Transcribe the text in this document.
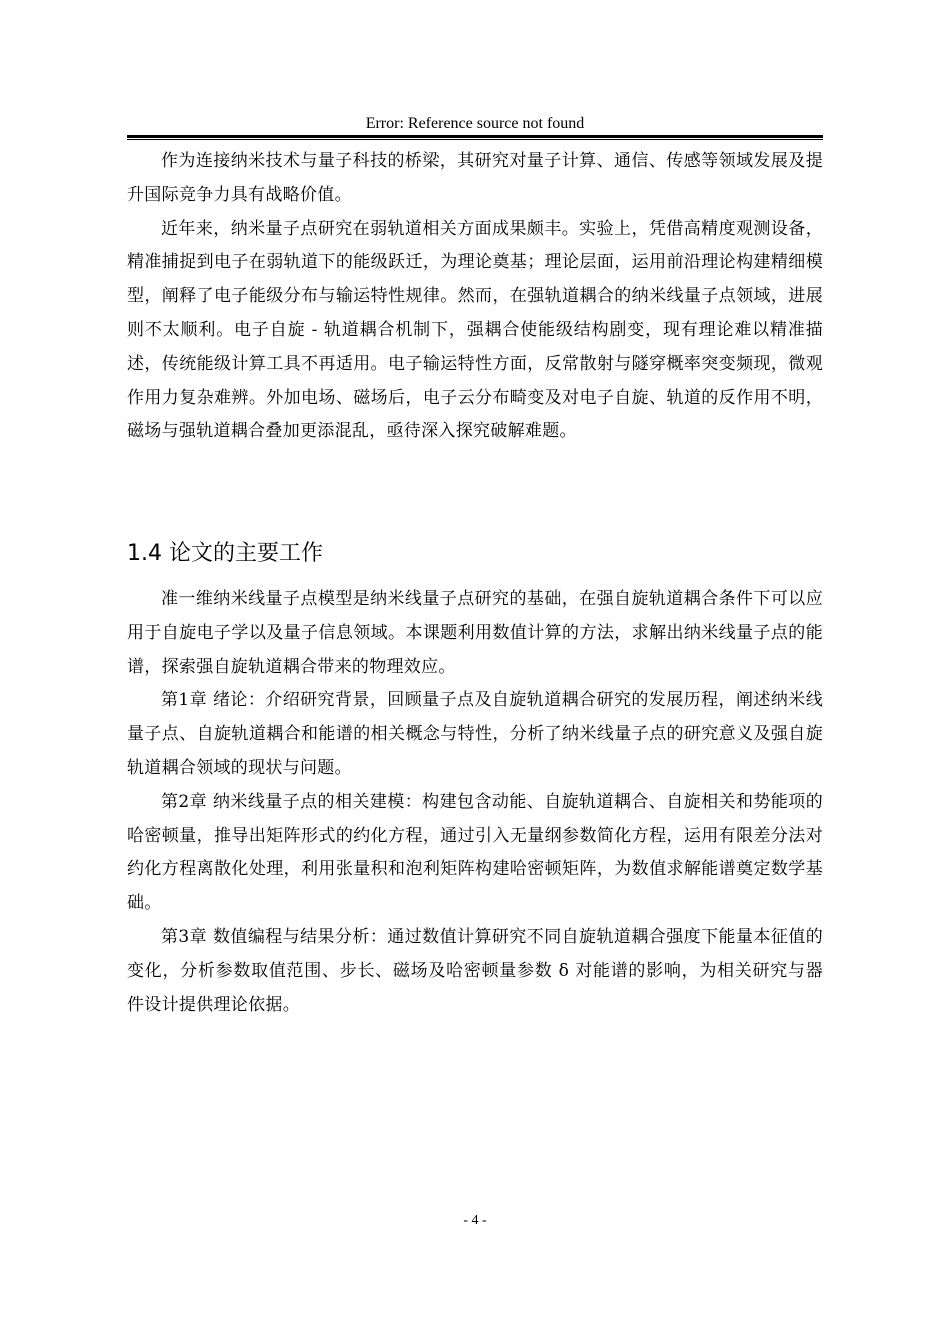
Error: Reference source not found

作为连接纳米技术与量子科技的桥梁，其研究对量子计算、通信、传感等领域发展及提升国际竞争力具有战略价值。

近年来，纳米量子点研究在弱轨道相关方面成果颇丰。实验上，凭借高精度观测设备，精准捕捉到电子在弱轨道下的能级跃迁，为理论奠基；理论层面，运用前沿理论构建精细模型，阐释了电子能级分布与输运特性规律。然而，在强轨道耦合的纳米线量子点领域，进展则不太顺利。电子自旋 - 轨道耦合机制下，强耦合使能级结构剧变，现有理论难以精准描述，传统能级计算工具不再适用。电子输运特性方面，反常散射与隧穿概率突变频现，微观作用力复杂难辨。外加电场、磁场后，电子云分布畸变及对电子自旋、轨道的反作用不明，磁场与强轨道耦合叠加更添混乱，亟待深入探究破解难题。

1.4 论文的主要工作

准一维纳米线量子点模型是纳米线量子点研究的基础，在强自旋轨道耦合条件下可以应用于自旋电子学以及量子信息领域。本课题利用数值计算的方法，求解出纳米线量子点的能谱，探索强自旋轨道耦合带来的物理效应。

第1章 绪论：介绍研究背景，回顾量子点及自旋轨道耦合研究的发展历程，阐述纳米线量子点、自旋轨道耦合和能谱的相关概念与特性，分析了纳米线量子点的研究意义及强自旋轨道耦合领域的现状与问题。

第2章 纳米线量子点的相关建模：构建包含动能、自旋轨道耦合、自旋相关和势能项的哈密顿量，推导出矩阵形式的约化方程，通过引入无量纲参数简化方程，运用有限差分法对约化方程离散化处理，利用张量积和泡利矩阵构建哈密顿矩阵，为数值求解能谱奠定数学基础。

第3章 数值编程与结果分析：通过数值计算研究不同自旋轨道耦合强度下能量本征值的变化，分析参数取值范围、步长、磁场及哈密顿量参数 δ 对能谱的影响，为相关研究与器件设计提供理论依据。

- 4 -
